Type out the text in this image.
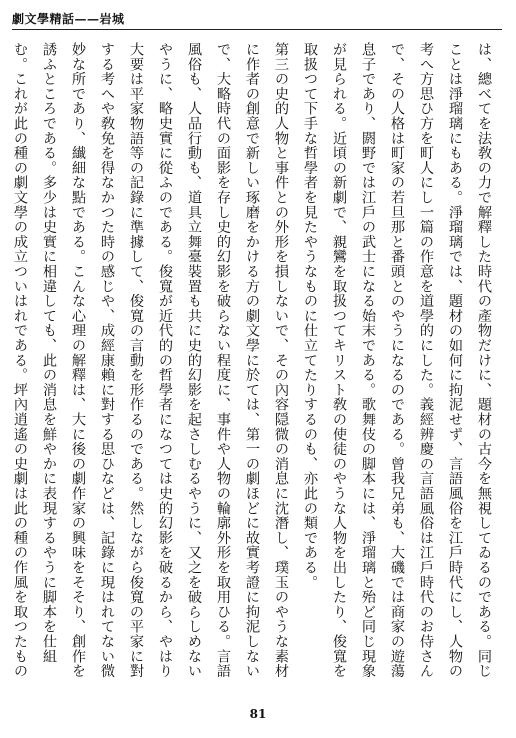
劇文學精話——岩城

は、總べてを法敎の力で解釋した時代の產物だけに、題材の古今を無視してゐるのである。同じことは淨瑠璃にもある。淨瑠璃では、題材の如何に拘泥せず、言語風俗を江戶時代にし、人物の考へ方思ひ方を町人にし一篇の作意を道學的にした。義經辨慶の言語風俗は江戶時代のお侍さんで、その人格は町家の若旦那と番頭とのやうになるのである。曾我兄弟も、大磯では商家の遊蕩息子であり、閼野では江戶の武士になる始末である。歌舞伎の脚本には、淨瑠璃と殆ど同じ現象が見られる。近頃の新劇で、親鸞を取扱つてキリスト敎の使徒のやうな人物を出したり、俊寬を取扱つて下手な哲學者を見たやうなものに仕立てたりするのも、亦此の類である。

第三の史的人物と事件との外形を損しないで、その內容隠微の消息に沈潛し、璞玉のやうな素材に作者の創意で新しい琢磨をかける方の劇文學に於ては、第一の劇ほどに故實考證に拘泥しないで、大略時代の面影を存し史的幻影を破らない程度に、事件や人物の輪廓外形を取用ひる。言語風俗も、人品行動も、道具立舞臺裝置も共に史的幻影を起さしむるやうに、又之を破らしめないやうに、略史實に從ふのである。俊寬が近代的の哲學者になつては史的幻影を破るから、やはり大要は平家物語等の記錄に準據して、俊寬の言動を形作るのである。然しながら俊寬の平家に對する考へや敎免を得なかつた時の感じや、成經康賴に對する思ひなどは、記錄に現はれてない微妙な所であり、纎細な點である。こんな心理の解釋は、大に後の劇作家の興味をそそり、創作を誘ふところである。多少は史實に相違しても、此の消息を鮮やかに表現するやうに脚本を仕組む。これが此の種の劇文學の成立ついはれである。坪內逍遙の史劇は此の種の作風を取つたもの

81
